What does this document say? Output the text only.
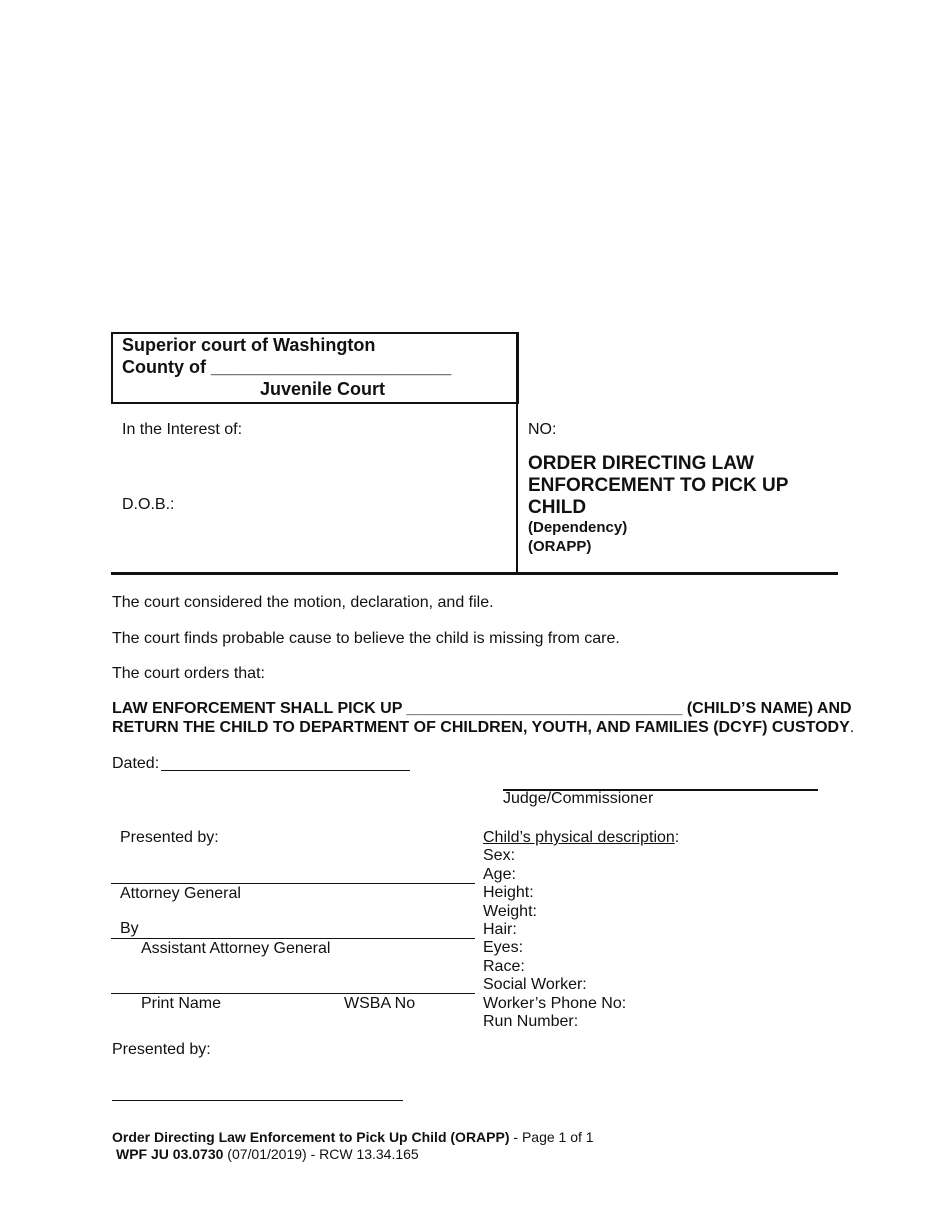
Superior court of Washington
County of ________________________
Juvenile Court
In the Interest of:
D.O.B.:
NO:
ORDER DIRECTING LAW ENFORCEMENT TO PICK UP CHILD
(Dependency)
(ORAPP)
The court considered the motion, declaration, and file.
The court finds probable cause to believe the child is missing from care.
The court orders that:
LAW ENFORCEMENT SHALL PICK UP _______________________________ (CHILD’S NAME) AND
RETURN THE CHILD TO DEPARTMENT OF CHILDREN, YOUTH, AND FAMILIES (DCYF) CUSTODY.
Dated:
Judge/Commissioner
Presented by:
Attorney General
By
Assistant Attorney General
Print Name	WSBA No
Child’s physical description:
Sex:
Age:
Height:
Weight:
Hair:
Eyes:
Race:
Social Worker:
Worker’s Phone No:
Run Number:
Presented by:
Order Directing Law Enforcement to Pick Up Child (ORAPP) - Page 1 of 1
WPF JU 03.0730 (07/01/2019) - RCW 13.34.165
